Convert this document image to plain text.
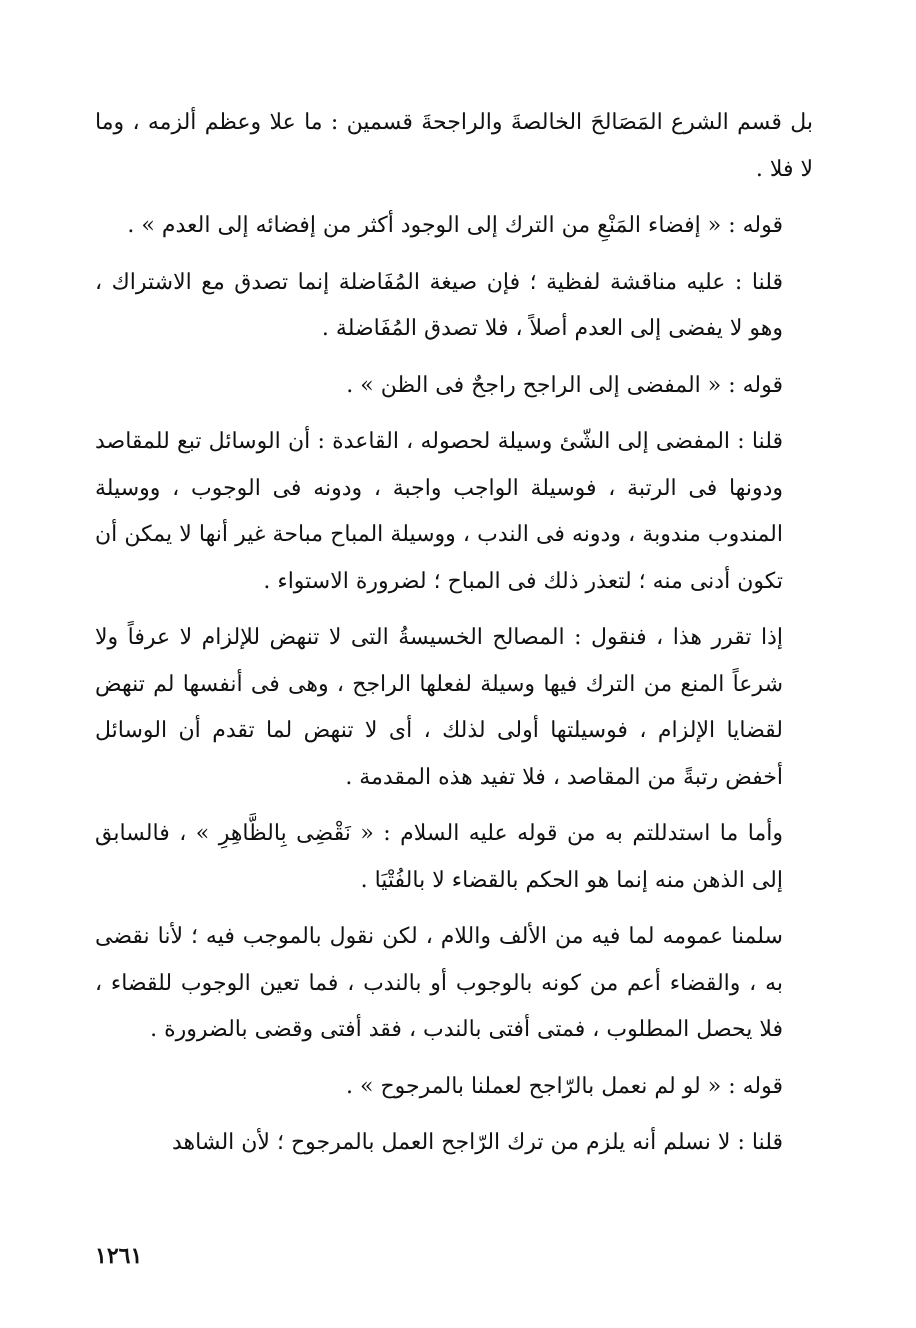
بل قسم الشرع المَصَالحَ الخالصةَ والراجحةَ قسمين : ما علا وعظم ألزمه ، وما لا فلا .

قوله : « إفضاء المَنْعِ من الترك إلى الوجود أكثر من إفضائه إلى العدم » .

قلنا : عليه مناقشة لفظية ؛ فإن صيغة المُفَاضلة إنما تصدق مع الاشتراك ، وهو لا يفضى إلى العدم أصلاً ، فلا تصدق المُفَاضلة .

قوله : « المفضى إلى الراجح راجحٌ فى الظن » .

قلنا : المفضى إلى الشّئ وسيلة لحصوله ، القاعدة : أن الوسائل تبع للمقاصد ودونها فى الرتبة ، فوسيلة الواجب واجبة ، ودونه فى الوجوب ، ووسيلة المندوب مندوبة ، ودونه فى الندب ، ووسيلة المباح مباحة غير أنها لا يمكن أن تكون أدنى منه ؛ لتعذر ذلك فى المباح ؛ لضرورة الاستواء .

إذا تقرر هذا ، فنقول : المصالح الخسيسةُ التى لا تنهض للإلزام لا عرفاً ولا شرعاً المنع من الترك فيها وسيلة لفعلها الراجح ، وهى فى أنفسها لم تنهض لقضايا الإلزام ، فوسيلتها أولى لذلك ، أى لا تنهض لما تقدم أن الوسائل أخفض رتبةً من المقاصد ، فلا تفيد هذه المقدمة .

وأما ما استدللتم به من قوله عليه السلام : « نَقْضِى بِالظَّاهِرِ » ، فالسابق إلى الذهن منه إنما هو الحكم بالقضاء لا بالفُتْيَا .

سلمنا عمومه لما فيه من الألف واللام ، لكن نقول بالموجب فيه ؛ لأنا نقضى به ، والقضاء أعم من كونه بالوجوب أو بالندب ، فما تعين الوجوب للقضاء ، فلا يحصل المطلوب ، فمتى أفتى بالندب ، فقد أفتى وقضى بالضرورة .

قوله : « لو لم نعمل بالرّاجح لعملنا بالمرجوح » .

قلنا : لا نسلم أنه يلزم من ترك الرّاجح العمل بالمرجوح ؛ لأن الشاهد

١٢٦١
